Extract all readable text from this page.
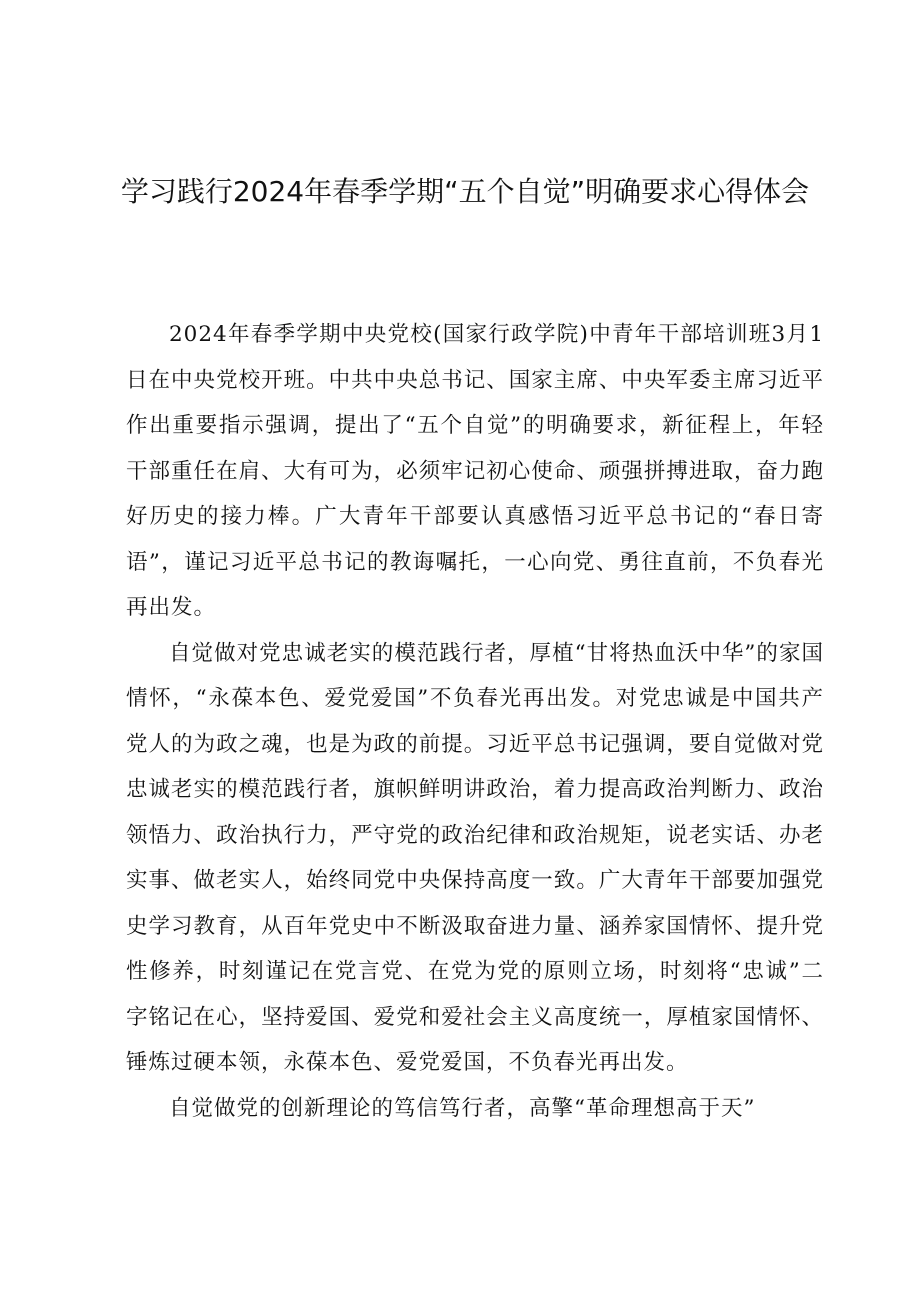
学习践行2024年春季学期“五个自觉”明确要求心得体会

2024年春季学期中央党校(国家行政学院)中青年干部培训班3月1日在中央党校开班。中共中央总书记、国家主席、中央军委主席习近平作出重要指示强调，提出了“五个自觉”的明确要求，新征程上，年轻干部重任在肩、大有可为，必须牢记初心使命、顽强拼搏进取，奋力跑好历史的接力棒。广大青年干部要认真感悟习近平总书记的“春日寄语”，谨记习近平总书记的教诲嘱托，一心向党、勇往直前，不负春光再出发。

自觉做对党忠诚老实的模范践行者，厚植“甘将热血沃中华”的家国情怀，“永葆本色、爱党爱国”不负春光再出发。对党忠诚是中国共产党人的为政之魂，也是为政的前提。习近平总书记强调，要自觉做对党忠诚老实的模范践行者，旗帜鲜明讲政治，着力提高政治判断力、政治领悟力、政治执行力，严守党的政治纪律和政治规矩，说老实话、办老实事、做老实人，始终同党中央保持高度一致。广大青年干部要加强党史学习教育，从百年党史中不断汲取奋进力量、涵养家国情怀、提升党性修养，时刻谨记在党言党、在党为党的原则立场，时刻将“忠诚”二字铭记在心，坚持爱国、爱党和爱社会主义高度统一，厚植家国情怀、锤炼过硬本领，永葆本色、爱党爱国，不负春光再出发。

自觉做党的创新理论的笃信笃行者，高擎“革命理想高于天”
